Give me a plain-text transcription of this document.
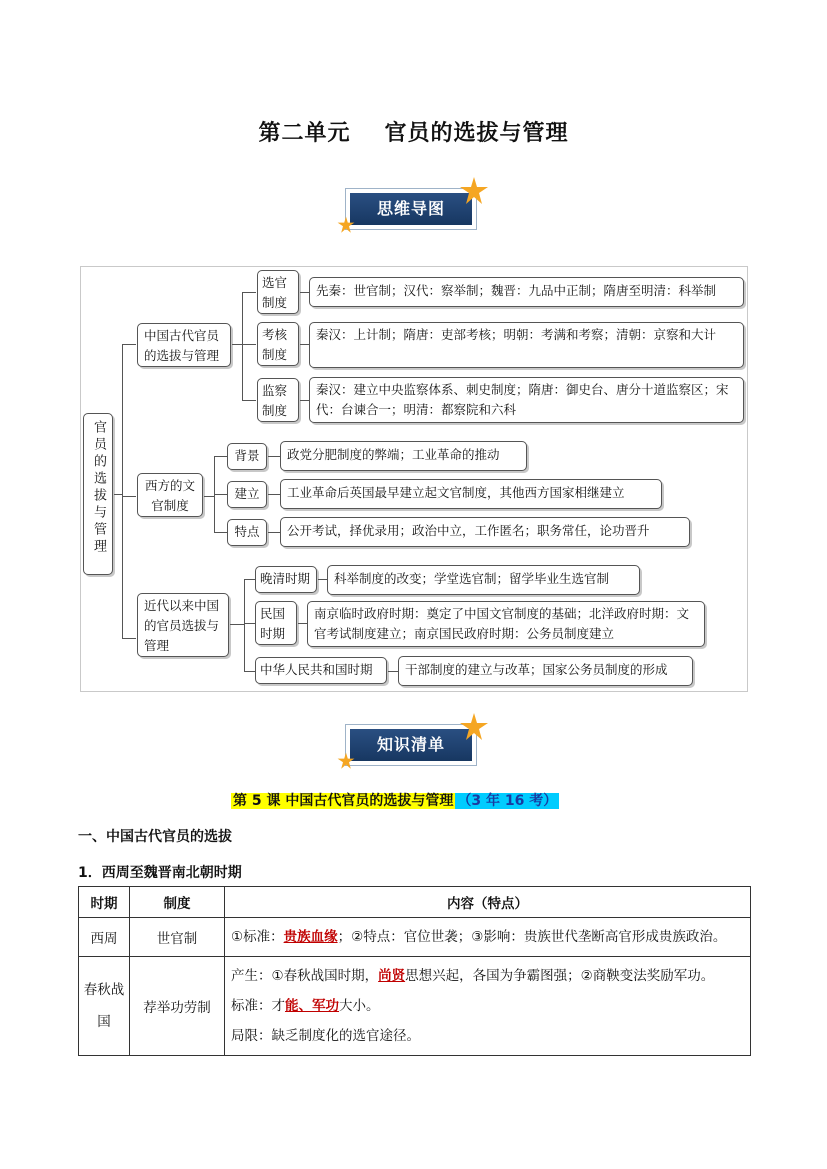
第二单元 官员的选拔与管理
思维导图
官员的选拔与管理
中国古代官员的选拔与管理
选官制度
先秦：世官制；汉代：察举制；魏晋：九品中正制；隋唐至明清：科举制
考核制度
秦汉：上计制；隋唐：吏部考核；明朝：考满和考察；清朝：京察和大计
监察制度
秦汉：建立中央监察体系、刺史制度；隋唐：御史台、唐分十道监察区；宋代：台谏合一；明清：都察院和六科
西方的文官制度
背景	政党分肥制度的弊端；工业革命的推动
建立	工业革命后英国最早建立起文官制度，其他西方国家相继建立
特点	公开考试，择优录用；政治中立，工作匿名；职务常任，论功晋升
近代以来中国的官员选拔与管理
晚清时期	科举制度的改变；学堂选官制；留学毕业生选官制
民国时期
南京临时政府时期：奠定了中国文官制度的基础；北洋政府时期：文官考试制度建立；南京国民政府时期：公务员制度建立
中华人民共和国时期	干部制度的建立与改革；国家公务员制度的形成
知识清单
第 5 课 中国古代官员的选拔与管理 （3 年 16 考）
一、中国古代官员的选拔
1．西周至魏晋南北朝时期
时期	制度	内容（特点）
西周	世官制	①标准：贵族血缘；②特点：官位世袭；③影响：贵族世代垄断高官形成贵族政治。
春秋战国	荐举功劳制	产生：①春秋战国时期，尚贤思想兴起，各国为争霸图强；②商鞅变法奖励军功。
标准：才能、军功大小。
局限：缺乏制度化的选官途径。
